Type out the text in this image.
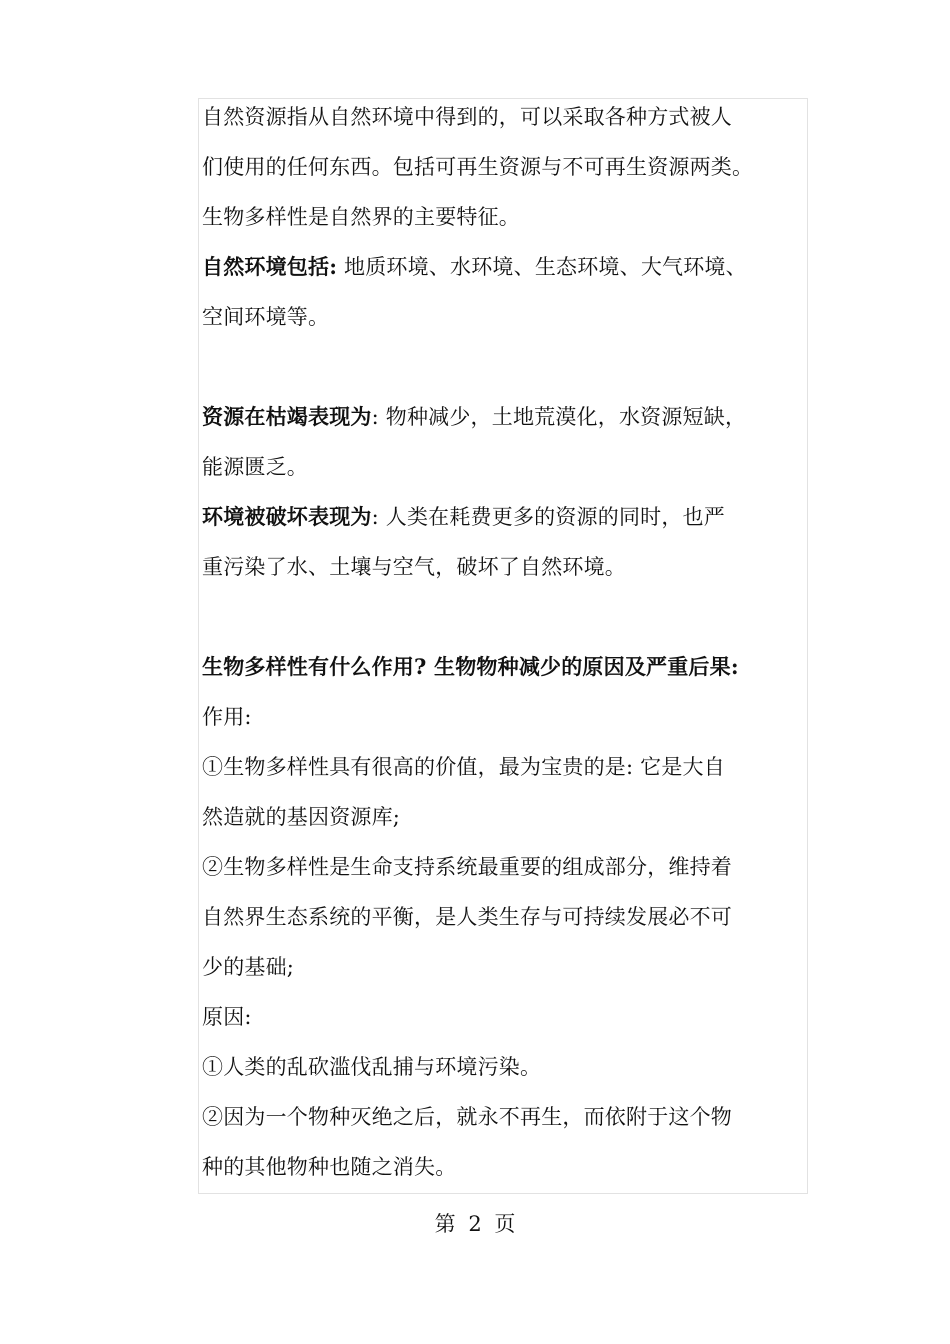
自然资源指从自然环境中得到的，可以采取各种方式被人
们使用的任何东西。包括可再生资源与不可再生资源两类。
生物多样性是自然界的主要特征。
自然环境包括: 地质环境、水环境、生态环境、大气环境、
空间环境等。
资源在枯竭表现为: 物种减少，土地荒漠化，水资源短缺，
能源匮乏。
环境被破坏表现为: 人类在耗费更多的资源的同时，也严
重污染了水、土壤与空气，破坏了自然环境。
生物多样性有什么作用? 生物物种减少的原因及严重后果:
作用:
①生物多样性具有很高的价值，最为宝贵的是: 它是大自
然造就的基因资源库;
②生物多样性是生命支持系统最重要的组成部分，维持着
自然界生态系统的平衡，是人类生存与可持续发展必不可
少的基础;
原因:
①人类的乱砍滥伐乱捕与环境污染。
②因为一个物种灭绝之后，就永不再生，而依附于这个物
种的其他物种也随之消失。
第 2 页
